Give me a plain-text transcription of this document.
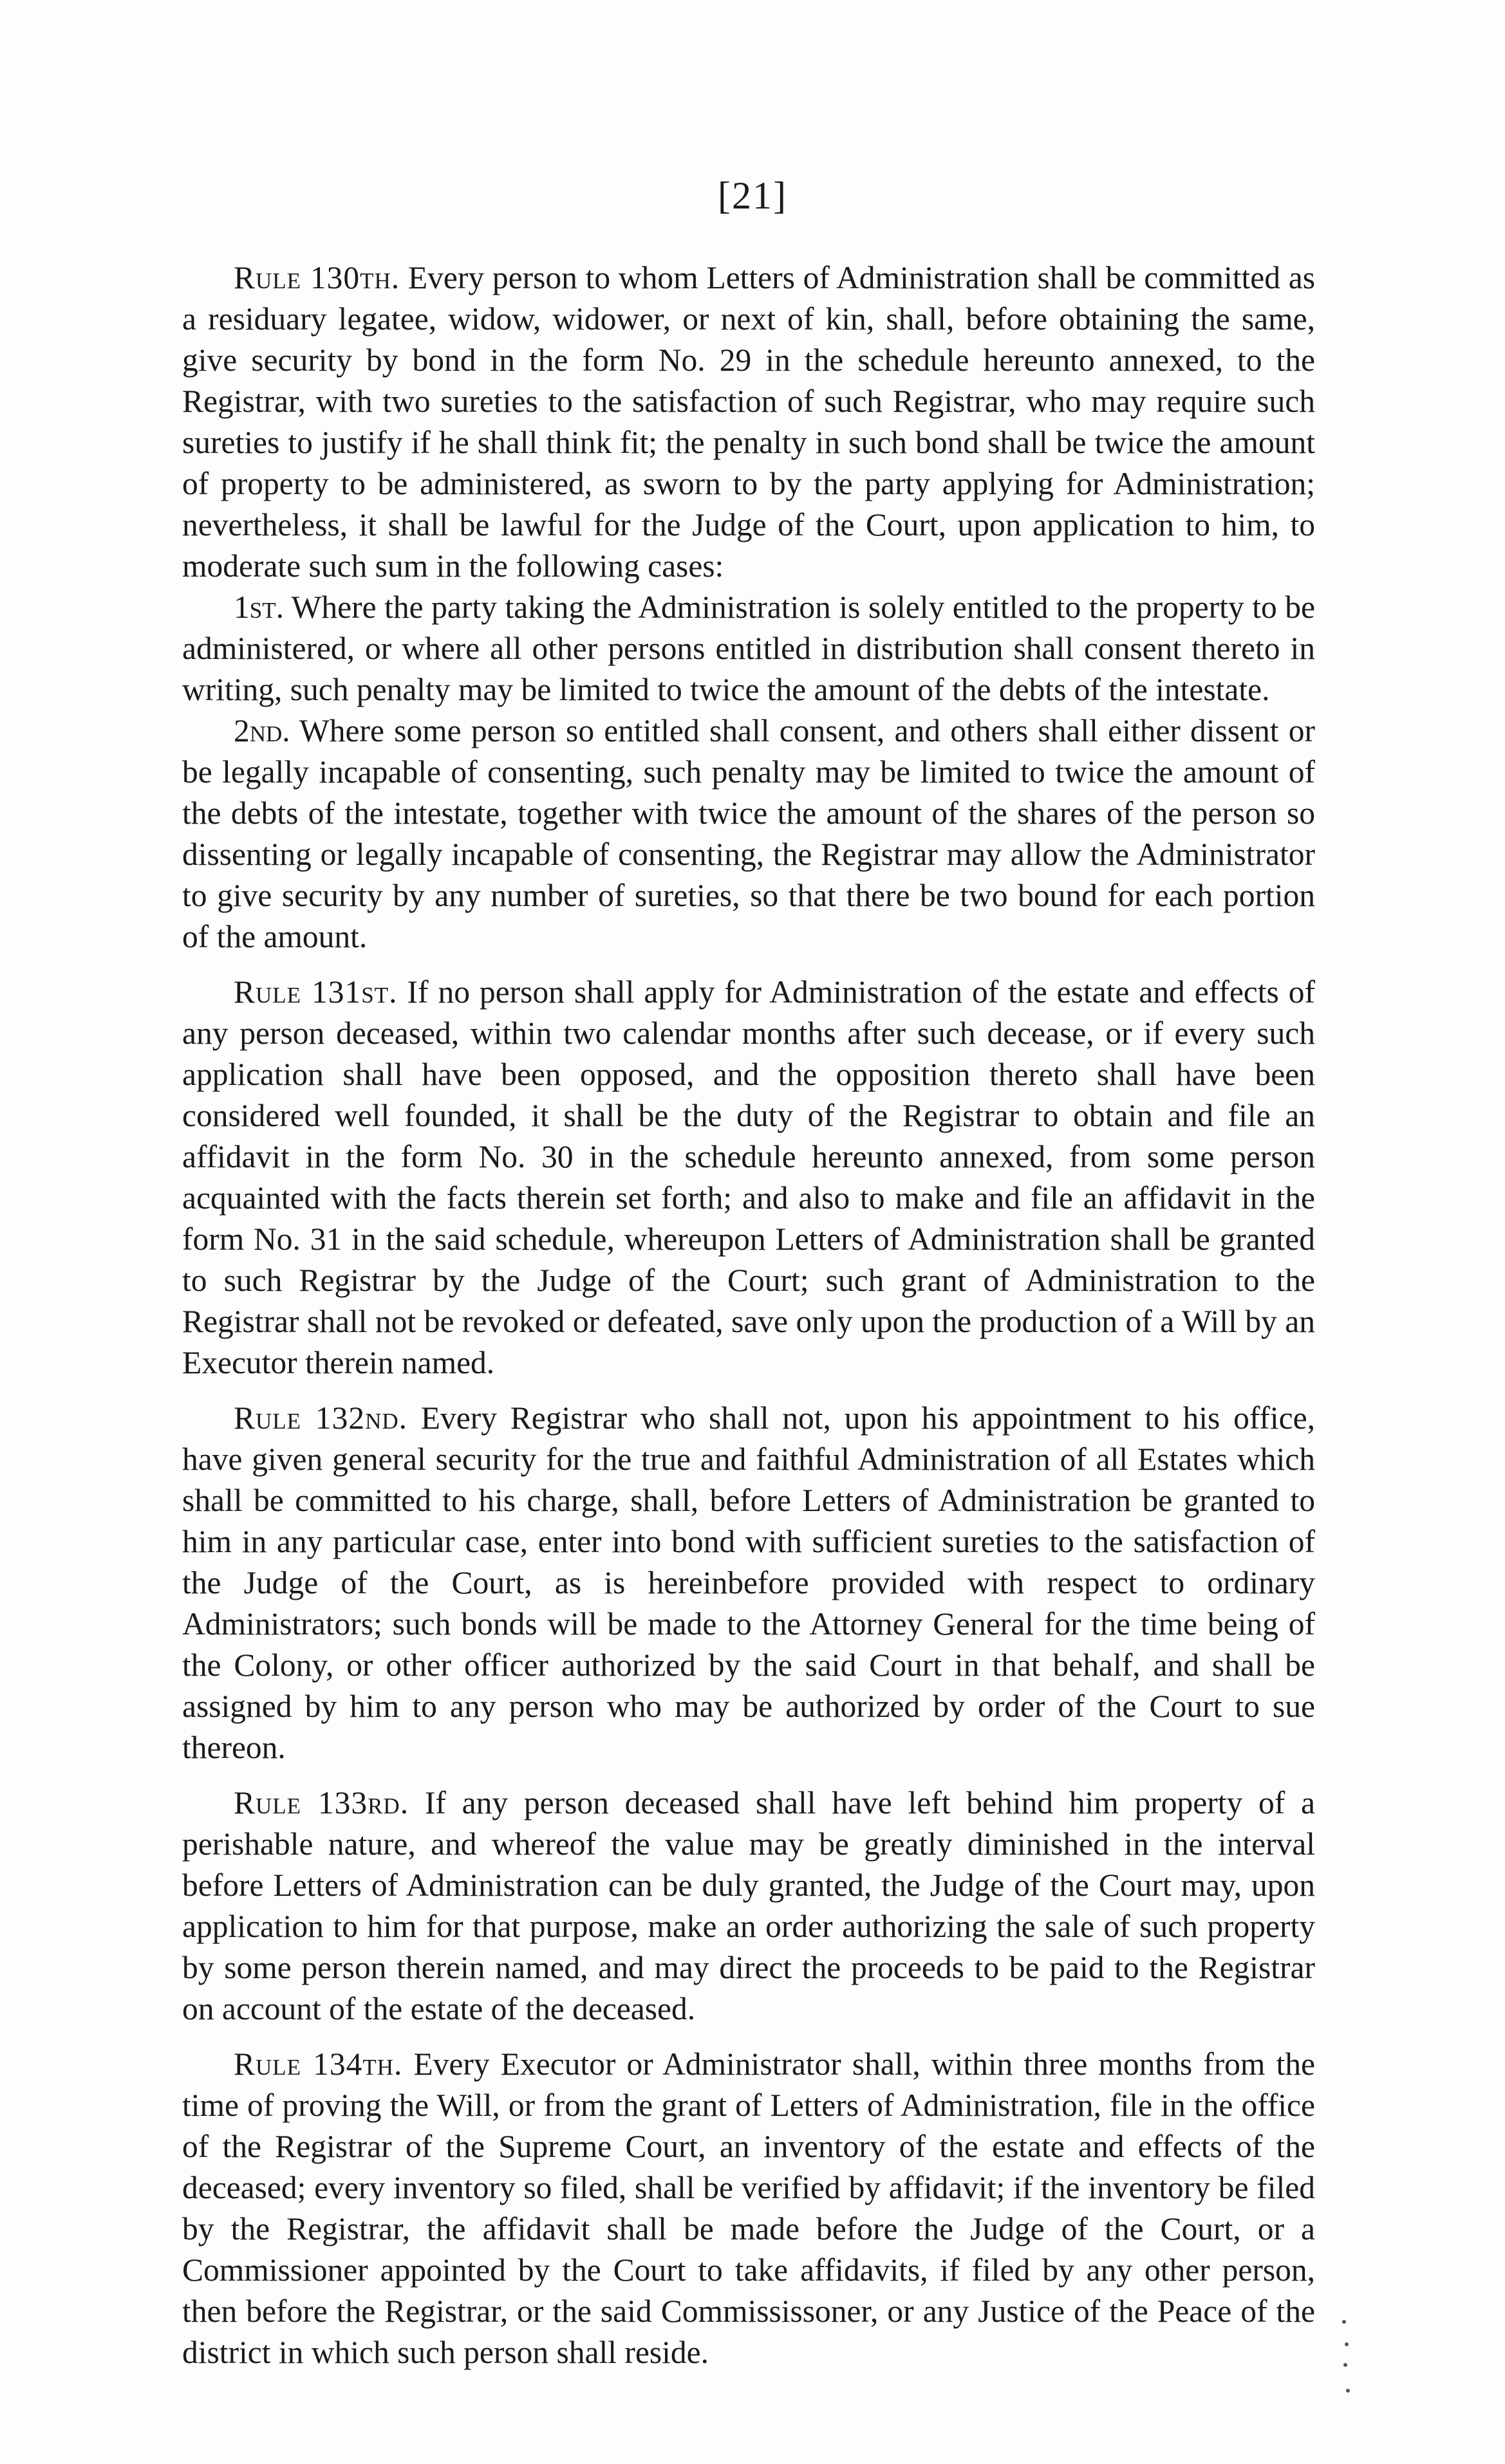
[21]

Rule 130th. Every person to whom Letters of Administration shall be committed as a residuary legatee, widow, widower, or next of kin, shall, before obtaining the same, give security by bond in the form No. 29 in the schedule hereunto annexed, to the Registrar, with two sureties to the satisfaction of such Registrar, who may require such sureties to justify if he shall think fit; the penalty in such bond shall be twice the amount of property to be administered, as sworn to by the party applying for Administration; nevertheless, it shall be lawful for the Judge of the Court, upon application to him, to moderate such sum in the following cases:

1st. Where the party taking the Administration is solely entitled to the property to be administered, or where all other persons entitled in distribution shall consent thereto in writing, such penalty may be limited to twice the amount of the debts of the intestate.

2nd. Where some person so entitled shall consent, and others shall either dissent or be legally incapable of consenting, such penalty may be limited to twice the amount of the debts of the intestate, together with twice the amount of the shares of the person so dissenting or legally incapable of consenting, the Registrar may allow the Administrator to give security by any number of sureties, so that there be two bound for each portion of the amount.

Rule 131st. If no person shall apply for Administration of the estate and effects of any person deceased, within two calendar months after such decease, or if every such application shall have been opposed, and the opposition thereto shall have been considered well founded, it shall be the duty of the Registrar to obtain and file an affidavit in the form No. 30 in the schedule hereunto annexed, from some person acquainted with the facts therein set forth; and also to make and file an affidavit in the form No. 31 in the said schedule, whereupon Letters of Administration shall be granted to such Registrar by the Judge of the Court; such grant of Administration to the Registrar shall not be revoked or defeated, save only upon the production of a Will by an Executor therein named.

Rule 132nd. Every Registrar who shall not, upon his appointment to his office, have given general security for the true and faithful Administration of all Estates which shall be committed to his charge, shall, before Letters of Administration be granted to him in any particular case, enter into bond with sufficient sureties to the satisfaction of the Judge of the Court, as is hereinbefore provided with respect to ordinary Administrators; such bonds will be made to the Attorney General for the time being of the Colony, or other officer authorized by the said Court in that behalf, and shall be assigned by him to any person who may be authorized by order of the Court to sue thereon.

Rule 133rd. If any person deceased shall have left behind him property of a perishable nature, and whereof the value may be greatly diminished in the interval before Letters of Administration can be duly granted, the Judge of the Court may, upon application to him for that purpose, make an order authorizing the sale of such property by some person therein named, and may direct the proceeds to be paid to the Registrar on account of the estate of the deceased.

Rule 134th. Every Executor or Administrator shall, within three months from the time of proving the Will, or from the grant of Letters of Administration, file in the office of the Registrar of the Supreme Court, an inventory of the estate and effects of the deceased; every inventory so filed, shall be verified by affidavit; if the inventory be filed by the Registrar, the affidavit shall be made before the Judge of the Court, or a Commissioner appointed by the Court to take affidavits, if filed by any other person, then before the Registrar, or the said Commississoner, or any Justice of the Peace of the district in which such person shall reside.
